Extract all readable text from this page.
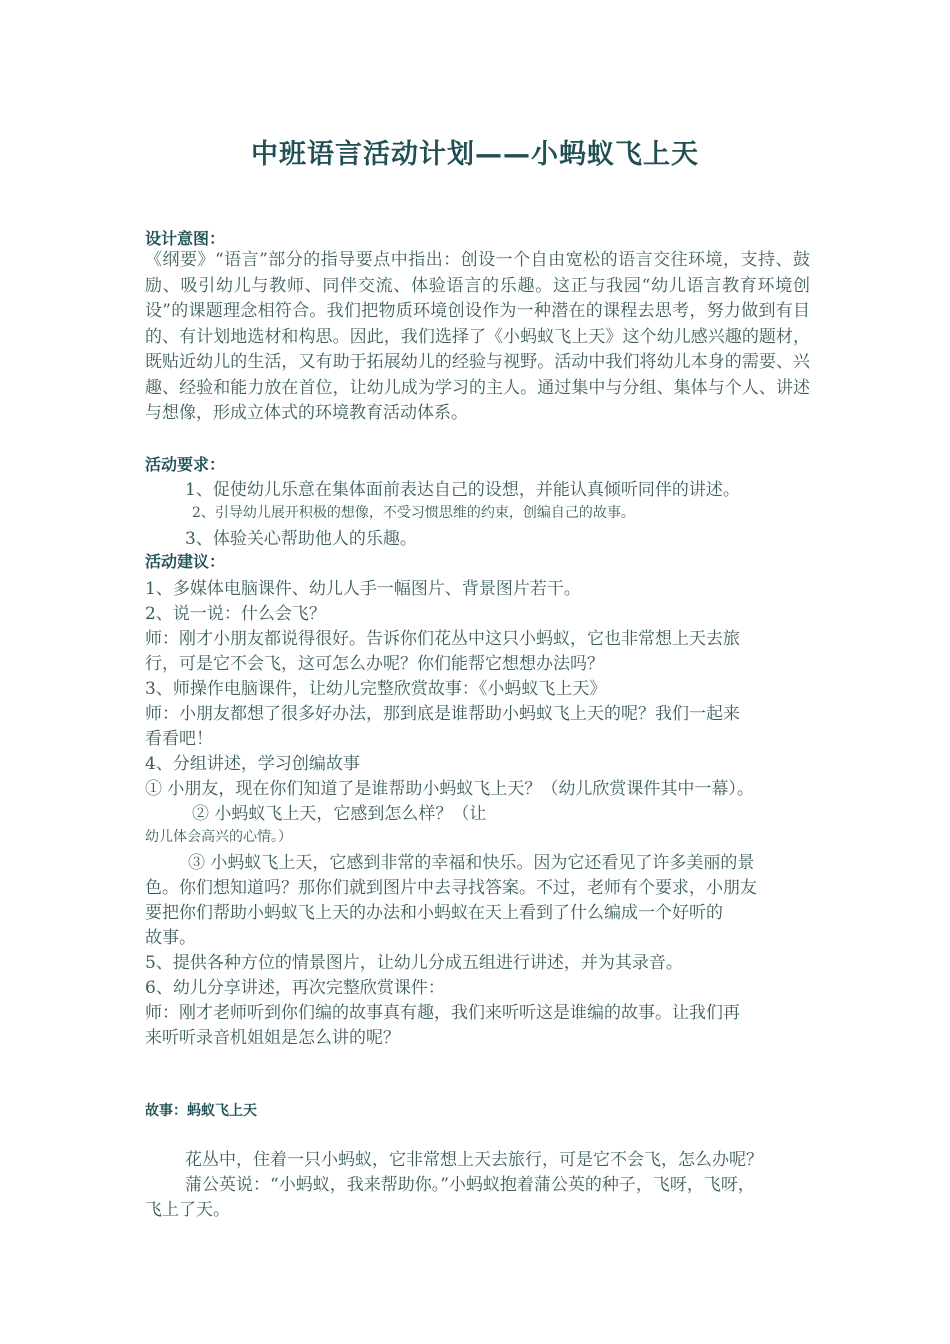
中班语言活动计划——小蚂蚁飞上天
设计意图：
《纲要》“语言”部分的指导要点中指出：创设一个自由宽松的语言交往环境，支持、鼓励、吸引幼儿与教师、同伴交流、体验语言的乐趣。这正与我园“幼儿语言教育环境创设”的课题理念相符合。我们把物质环境创设作为一种潜在的课程去思考，努力做到有目的、有计划地选材和构思。因此，我们选择了《小蚂蚁飞上天》这个幼儿感兴趣的题材，既贴近幼儿的生活，又有助于拓展幼儿的经验与视野。活动中我们将幼儿本身的需要、兴趣、经验和能力放在首位，让幼儿成为学习的主人。通过集中与分组、集体与个人、讲述与想像，形成立体式的环境教育活动体系。
活动要求：
1、促使幼儿乐意在集体面前表达自己的设想，并能认真倾听同伴的讲述。
2、引导幼儿展开积极的想像，不受习惯思维的约束，创编自己的故事。
3、体验关心帮助他人的乐趣。
活动建议：
1、多媒体电脑课件、幼儿人手一幅图片、背景图片若干。
2、说一说：什么会飞？
师：刚才小朋友都说得很好。告诉你们花丛中这只小蚂蚁，它也非常想上天去旅
行，可是它不会飞，这可怎么办呢？你们能帮它想想办法吗？
3、师操作电脑课件，让幼儿完整欣赏故事：《小蚂蚁飞上天》
师：小朋友都想了很多好办法，那到底是谁帮助小蚂蚁飞上天的呢？我们一起来
看看吧！
4、分组讲述，学习创编故事
① 小朋友，现在你们知道了是谁帮助小蚂蚁飞上天？（幼儿欣赏课件其中一幕）。
② 小蚂蚁飞上天，它感到怎么样？（让
幼儿体会高兴的心情。）
③ 小蚂蚁飞上天，它感到非常的幸福和快乐。因为它还看见了许多美丽的景
色。你们想知道吗？那你们就到图片中去寻找答案。不过，老师有个要求，小朋友
要把你们帮助小蚂蚁飞上天的办法和小蚂蚁在天上看到了什么编成一个好听的
故事。
5、提供各种方位的情景图片，让幼儿分成五组进行讲述，并为其录音。
6、幼儿分享讲述，再次完整欣赏课件：
师：刚才老师听到你们编的故事真有趣，我们来听听这是谁编的故事。让我们再
来听听录音机姐姐是怎么讲的呢？
故事：蚂蚁飞上天
花丛中，住着一只小蚂蚁，它非常想上天去旅行，可是它不会飞，怎么办呢？
蒲公英说：“小蚂蚁，我来帮助你。”小蚂蚁抱着蒲公英的种子，飞呀，飞呀，
飞上了天。
